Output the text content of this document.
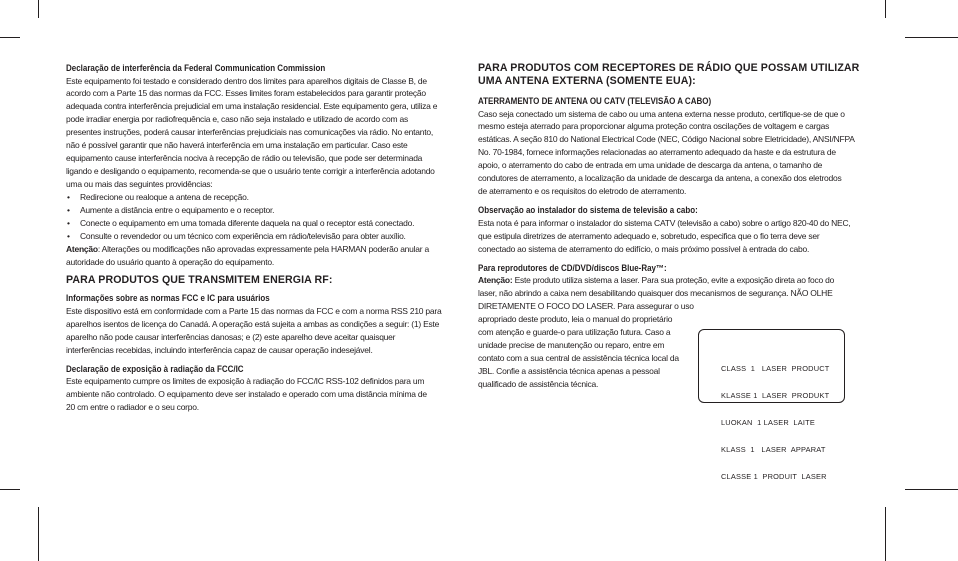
Declaração de interferência da Federal Communication Commission

Este equipamento foi testado e considerado dentro dos limites para aparelhos digitais de Classe B, de

acordo com a Parte 15 das normas da FCC. Esses limites foram estabelecidos para garantir proteção

adequada contra interferência prejudicial em uma instalação residencial. Este equipamento gera, utiliza e

pode irradiar energia por radiofrequência e, caso não seja instalado e utilizado de acordo com as

presentes instruções, poderá causar interferências prejudiciais nas comunicações via rádio. No entanto,

não é possível garantir que não haverá interferência em uma instalação em particular. Caso este

equipamento cause interferência nociva à recepção de rádio ou televisão, que pode ser determinada

ligando e desligando o equipamento, recomenda-se que o usuário tente corrigir a interferência adotando

uma ou mais das seguintes providências:

• Redirecione ou realoque a antena de recepção.
• Aumente a distância entre o equipamento e o receptor.
• Conecte o equipamento em uma tomada diferente daquela na qual o receptor está conectado.
• Consulte o revendedor ou um técnico com experiência em rádio/televisão para obter auxílio.

Atenção: Alterações ou modificações não aprovadas expressamente pela HARMAN poderão anular a

autoridade do usuário quanto à operação do equipamento.

PARA PRODUTOS QUE TRANSMITEM ENERGIA RF:

Informações sobre as normas FCC e IC para usuários

Este dispositivo está em conformidade com a Parte 15 das normas da FCC e com a norma RSS 210 para

aparelhos isentos de licença do Canadá. A operação está sujeita a ambas as condições a seguir: (1) Este

aparelho não pode causar interferências danosas; e (2) este aparelho deve aceitar quaisquer

interferências recebidas, incluindo interferência capaz de causar operação indesejável.

Declaração de exposição à radiação da FCC/IC

Este equipamento cumpre os limites de exposição à radiação do FCC/IC RSS-102 definidos para um

ambiente não controlado. O equipamento deve ser instalado e operado com uma distância mínima de

20 cm entre o radiador e o seu corpo.

PARA PRODUTOS COM RECEPTORES DE RÁDIO QUE POSSAM UTILIZAR

UMA ANTENA EXTERNA (SOMENTE EUA):

ATERRAMENTO DE ANTENA OU CATV (TELEVISÃO A CABO)

Caso seja conectado um sistema de cabo ou uma antena externa nesse produto, certifique-se de que o

mesmo esteja aterrado para proporcionar alguma proteção contra oscilações de voltagem e cargas

estáticas. A seção 810 do National Electrical Code (NEC, Código Nacional sobre Eletricidade), ANSI/NFPA

No. 70-1984, fornece informações relacionadas ao aterramento adequado da haste e da estrutura de

apoio, o aterramento do cabo de entrada em uma unidade de descarga da antena, o tamanho de

condutores de aterramento, a localização da unidade de descarga da antena, a conexão dos eletrodos

de aterramento e os requisitos do eletrodo de aterramento.

Observação ao instalador do sistema de televisão a cabo:

Esta nota é para informar o instalador do sistema CATV (televisão a cabo) sobre o artigo 820-40 do NEC,

que estipula diretrizes de aterramento adequado e, sobretudo, especifica que o fio terra deve ser

conectado ao sistema de aterramento do edifício, o mais próximo possível à entrada do cabo.

Para reprodutores de CD/DVD/discos Blue-Ray™:

Atenção: Este produto utiliza sistema a laser. Para sua proteção, evite a exposição direta ao foco do

laser, não abrindo a caixa nem desabilitando quaisquer dos mecanismos de segurança. NÃO OLHE

DIRETAMENTE O FOCO DO LASER. Para assegurar o uso

apropriado deste produto, leia o manual do proprietário

com atenção e guarde-o para utilização futura. Caso a

unidade precise de manutenção ou reparo, entre em

contato com a sua central de assistência técnica local da

JBL. Confie a assistência técnica apenas a pessoal

qualificado de assistência técnica.

CLASS  1   LASER  PRODUCT

KLASSE 1  LASER  PRODUKT

LUOKAN  1 LASER  LAITE

KLASS  1   LASER  APPARAT

CLASSE 1  PRODUIT  LASER
